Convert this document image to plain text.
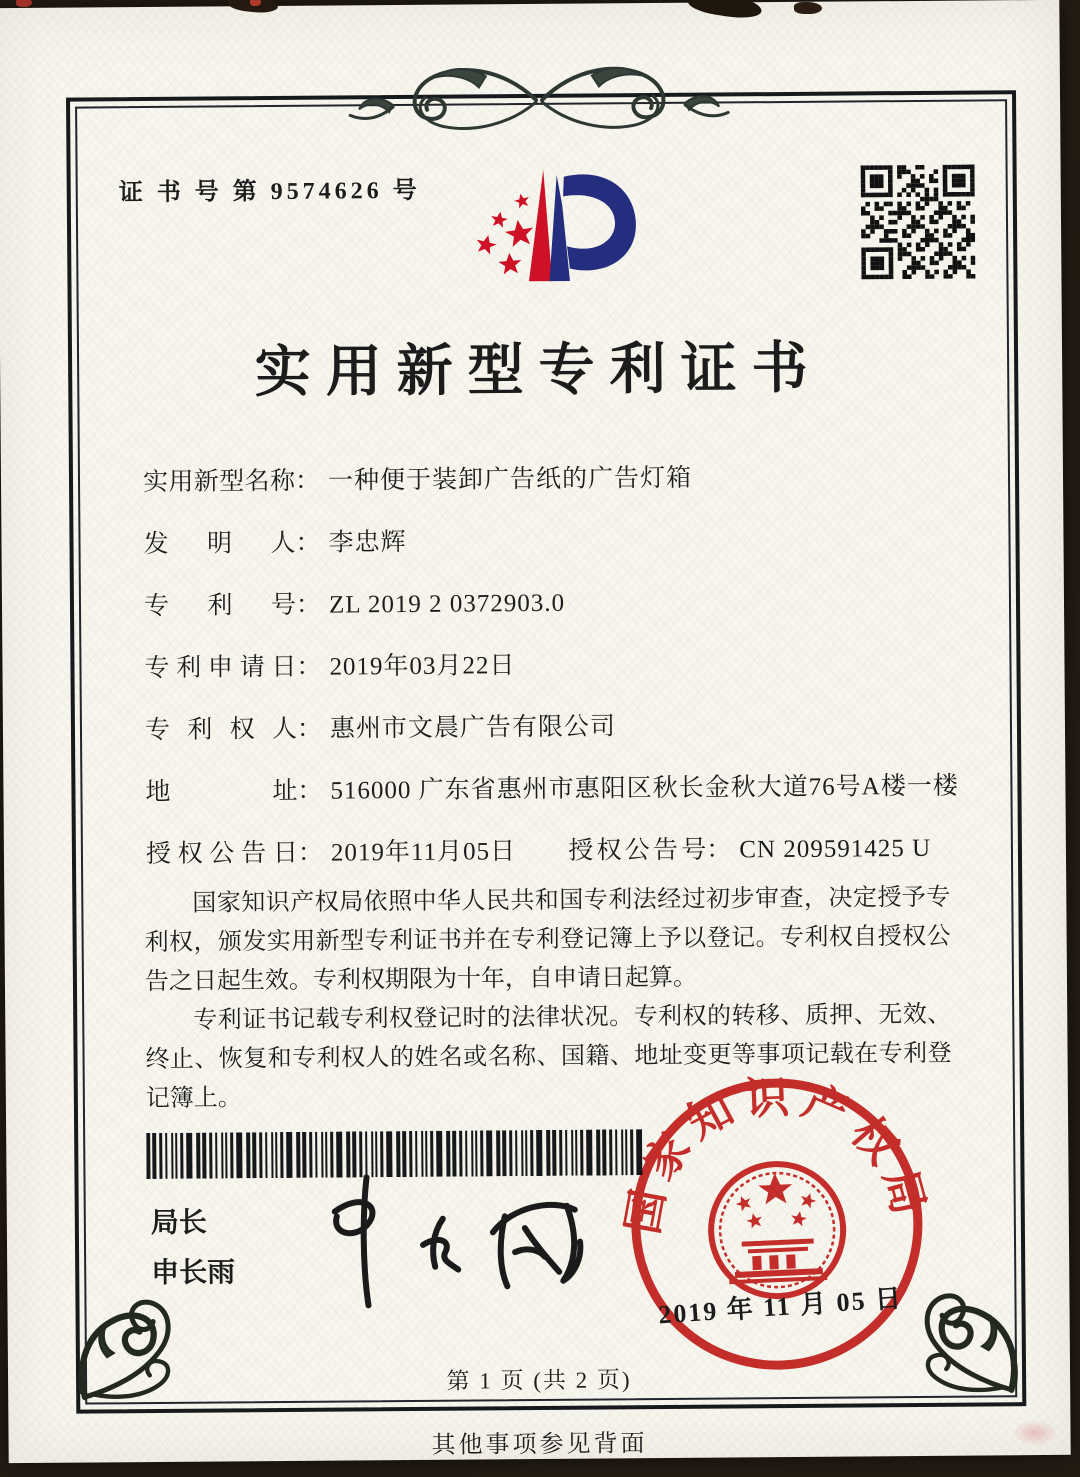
证 书 号 第 9574626 号
实用新型专利证书
实用新型名称： 一种便于装卸广告纸的广告灯箱
发明人： 李忠辉
专利号： ZL 2019 2 0372903.0
专利申请日： 2019年03月22日
专利权人： 惠州市文晨广告有限公司
地址： 516000 广东省惠州市惠阳区秋长金秋大道76号A楼一楼
授权公告日： 2019年11月05日 授权公告号： CN 209591425 U

国家知识产权局依照中华人民共和国专利法经过初步审查，决定授予专利权，颁发实用新型专利证书并在专利登记簿上予以登记。专利权自授权公告之日起生效。专利权期限为十年，自申请日起算。

专利证书记载专利权登记时的法律状况。专利权的转移、质押、无效、终止、恢复和专利权人的姓名或名称、国籍、地址变更等事项记载在专利登记簿上。

局长
申长雨
国家知识产权局
2019 年 11 月 05 日
第 1 页 (共 2 页)
其他事项参见背面
